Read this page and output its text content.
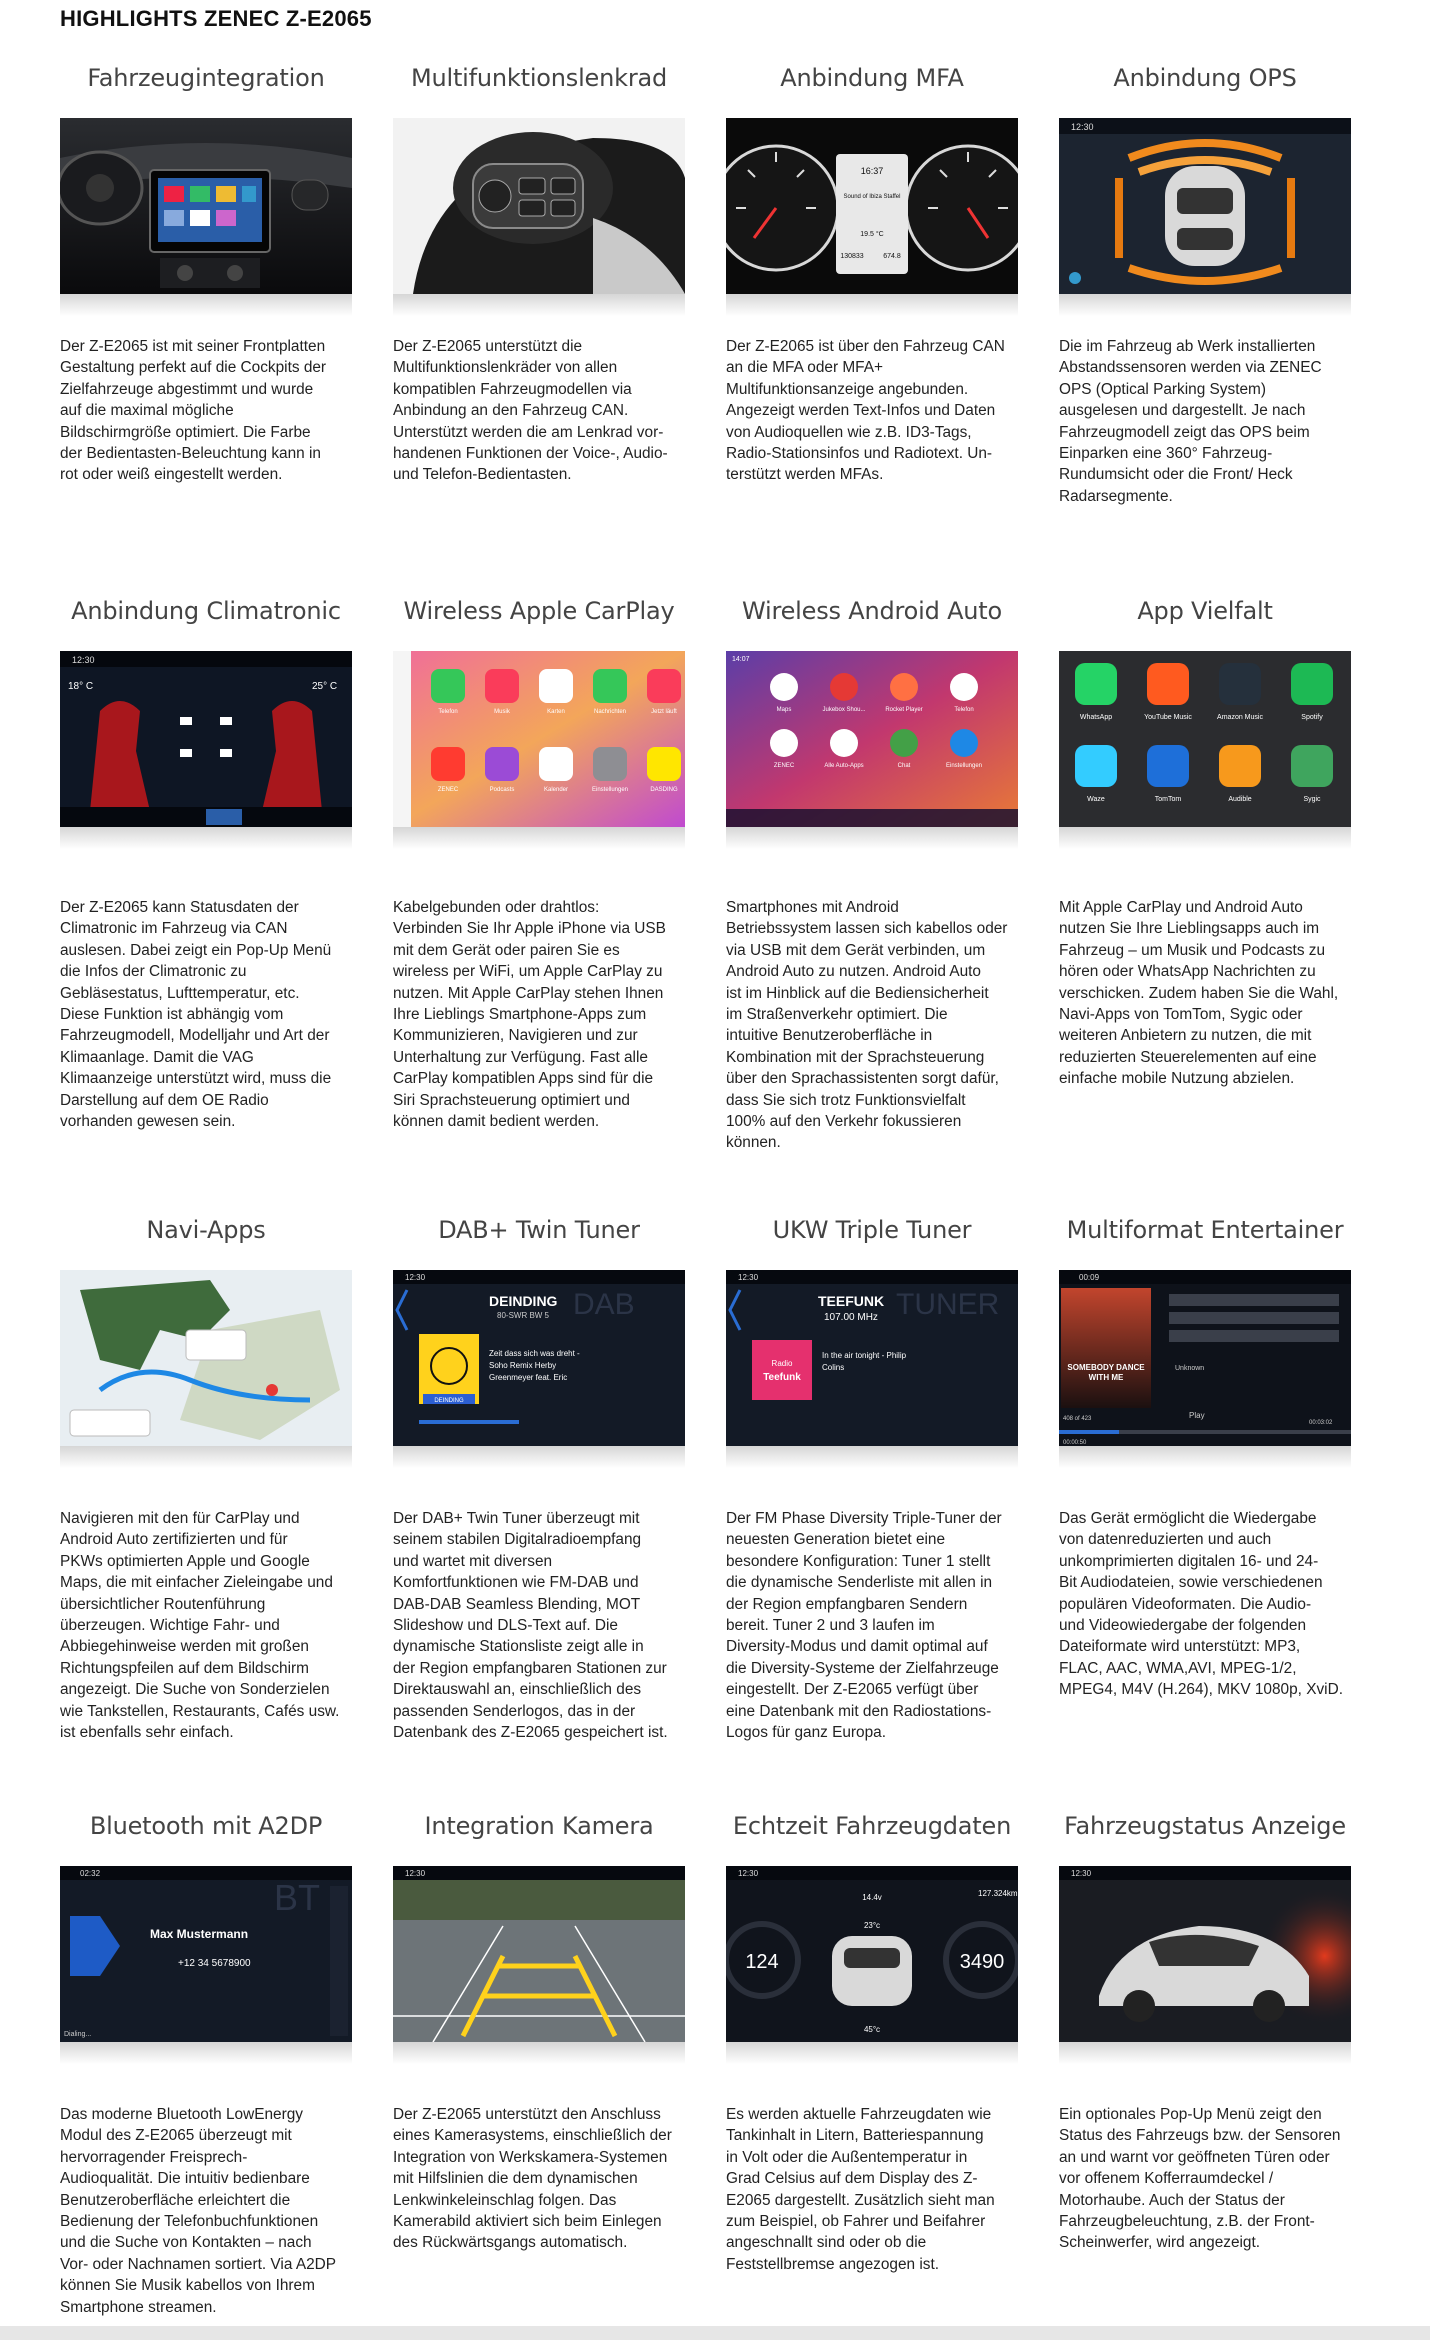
HIGHLIGHTS ZENEC Z-E2065
Fahrzeugintegration
Der Z-E2065 ist mit seiner Frontplatten
Gestaltung perfekt auf die Cockpits der
Zielfahrzeuge abgestimmt und wurde
auf die maximal mögliche
Bildschirmgröße optimiert. Die Farbe
der Bedientasten-Beleuchtung kann in
rot oder weiß eingestellt werden.
Multifunktionslenkrad
Der Z-E2065 unterstützt die
Multifunktionslenkräder von allen
kompatiblen Fahrzeugmodellen via
Anbindung an den Fahrzeug CAN.
Unterstützt werden die am Lenkrad vor-
handenen Funktionen der Voice-, Audio-
und Telefon-Bedientasten.
Anbindung MFA
16:37
Sound of Ibiza Staffel
19.5 °C
130833	674.8
Der Z-E2065 ist über den Fahrzeug CAN
an die MFA oder MFA+
Multifunktionsanzeige angebunden.
Angezeigt werden Text-Infos und Daten
von Audioquellen wie z.B. ID3-Tags,
Radio-Stationsinfos und Radiotext. Un-
terstützt werden MFAs.
Anbindung OPS
12:30
Die im Fahrzeug ab Werk installierten
Abstandssensoren werden via ZENEC
OPS (Optical Parking System)
ausgelesen und dargestellt. Je nach
Fahrzeugmodell zeigt das OPS beim
Einparken eine 360° Fahrzeug-
Rundumsicht oder die Front/ Heck
Radarsegmente.
Anbindung Climatronic
12:30
18° C	25° C
Der Z-E2065 kann Statusdaten der
Climatronic im Fahrzeug via CAN
auslesen. Dabei zeigt ein Pop-Up Menü
die Infos der Climatronic zu
Gebläsestatus, Lufttemperatur, etc.
Diese Funktion ist abhängig vom
Fahrzeugmodell, Modelljahr und Art der
Klimaanlage. Damit die VAG
Klimaanzeige unterstützt wird, muss die
Darstellung auf dem OE Radio
vorhanden gewesen sein.
Wireless Apple CarPlay
Telefon	Musik	Karten	Nachrichten	Jetzt läuft
ZENEC	Podcasts	Kalender	Einstellungen	DASDING
Kabelgebunden oder drahtlos:
Verbinden Sie Ihr Apple iPhone via USB
mit dem Gerät oder pairen Sie es
wireless per WiFi, um Apple CarPlay zu
nutzen. Mit Apple CarPlay stehen Ihnen
Ihre Lieblings Smartphone-Apps zum
Kommunizieren, Navigieren und zur
Unterhaltung zur Verfügung. Fast alle
CarPlay kompatiblen Apps sind für die
Siri Sprachsteuerung optimiert und
können damit bedient werden.
Wireless Android Auto
14:07
Maps	Jukebox Shou...	Rocket Player	Telefon
ZENEC	Alle Auto-Apps	Chat	Einstellungen
Smartphones mit Android
Betriebssystem lassen sich kabellos oder
via USB mit dem Gerät verbinden, um
Android Auto zu nutzen. Android Auto
ist im Hinblick auf die Bediensicherheit
im Straßenverkehr optimiert. Die
intuitive Benutzeroberfläche in
Kombination mit der Sprachsteuerung
über den Sprachassistenten sorgt dafür,
dass Sie sich trotz Funktionsvielfalt
100% auf den Verkehr fokussieren
können.
App Vielfalt
WhatsApp	YouTube Music	Amazon Music	Spotify
Waze	TomTom	Audible	Sygic
Mit Apple CarPlay und Android Auto
nutzen Sie Ihre Lieblingsapps auch im
Fahrzeug – um Musik und Podcasts zu
hören oder WhatsApp Nachrichten zu
verschicken. Zudem haben Sie die Wahl,
Navi-Apps von TomTom, Sygic oder
weiteren Anbietern zu nutzen, die mit
reduzierten Steuerelementen auf eine
einfache mobile Nutzung abzielen.
Navi-Apps
Navigieren mit den für CarPlay und
Android Auto zertifizierten und für
PKWs optimierten Apple und Google
Maps, die mit einfacher Zieleingabe und
übersichtlicher Routenführung
überzeugen. Wichtige Fahr- und
Abbiegehinweise werden mit großen
Richtungspfeilen auf dem Bildschirm
angezeigt. Die Suche von Sonderzielen
wie Tankstellen, Restaurants, Cafés usw.
ist ebenfalls sehr einfach.
DAB+ Twin Tuner
12:30
DAB
DEINDING
80-SWR BW 5
DEINDING
Zeit dass sich was dreht -
Soho Remix Herby
Greenmeyer feat. Eric
Der DAB+ Twin Tuner überzeugt mit
seinem stabilen Digitalradioempfang
und wartet mit diversen
Komfortfunktionen wie FM-DAB und
DAB-DAB Seamless Blending, MOT
Slideshow und DLS-Text auf. Die
dynamische Stationsliste zeigt alle in
der Region empfangbaren Stationen zur
Direktauswahl an, einschließlich des
passenden Senderlogos, das in der
Datenbank des Z-E2065 gespeichert ist.
UKW Triple Tuner
12:30
TUNER
TEEFUNK
107.00 MHz
Radio
Teefunk
In the air tonight - Philip
Colins
Der FM Phase Diversity Triple-Tuner der
neuesten Generation bietet eine
besondere Konfiguration: Tuner 1 stellt
die dynamische Senderliste mit allen in
der Region empfangbaren Sendern
bereit. Tuner 2 und 3 laufen im
Diversity-Modus und damit optimal auf
die Diversity-Systeme der Zielfahrzeuge
eingestellt. Der Z-E2065 verfügt über
eine Datenbank mit den Radiostations-
Logos für ganz Europa.
Multiformat Entertainer
00:09
SOMEBODY DANCE
WITH ME
408 of 423	Play
Unknown
00:00:50
00:03:02
Das Gerät ermöglicht die Wiedergabe
von datenreduzierten und auch
unkomprimierten digitalen 16- und 24-
Bit Audiodateien, sowie verschiedenen
populären Videoformaten. Die Audio-
und Videowiedergabe der folgenden
Dateiformate wird unterstützt: MP3,
FLAC, AAC, WMA,AVI, MPEG-1/2,
MPEG4, M4V (H.264), MKV 1080p, XviD.
Bluetooth mit A2DP
02:32
BT
Max Mustermann
+12 34 5678900
Dialing...
Das moderne Bluetooth LowEnergy
Modul des Z-E2065 überzeugt mit
hervorragender Freisprech-
Audioqualität. Die intuitiv bedienbare
Benutzeroberfläche erleichtert die
Bedienung der Telefonbuchfunktionen
und die Suche von Kontakten – nach
Vor- oder Nachnamen sortiert. Via A2DP
können Sie Musik kabellos von Ihrem
Smartphone streamen.
Integration Kamera
12:30
Der Z-E2065 unterstützt den Anschluss
eines Kamerasystems, einschließlich der
Integration von Werkskamera-Systemen
mit Hilfslinien die dem dynamischen
Lenkwinkeleinschlag folgen. Das
Kamerabild aktiviert sich beim Einlegen
des Rückwärtsgangs automatisch.
Echtzeit Fahrzeugdaten
12:30
124	3490
14.4v	127.324km
23°c
45°c
Es werden aktuelle Fahrzeugdaten wie
Tankinhalt in Litern, Batteriespannung
in Volt oder die Außentemperatur in
Grad Celsius auf dem Display des Z-
E2065 dargestellt. Zusätzlich sieht man
zum Beispiel, ob Fahrer und Beifahrer
angeschnallt sind oder ob die
Feststellbremse angezogen ist.
Fahrzeugstatus Anzeige
12:30
Ein optionales Pop-Up Menü zeigt den
Status des Fahrzeugs bzw. der Sensoren
an und warnt vor geöffneten Türen oder
vor offenem Kofferraumdeckel /
Motorhaube. Auch der Status der
Fahrzeugbeleuchtung, z.B. der Front-
Scheinwerfer, wird angezeigt.
